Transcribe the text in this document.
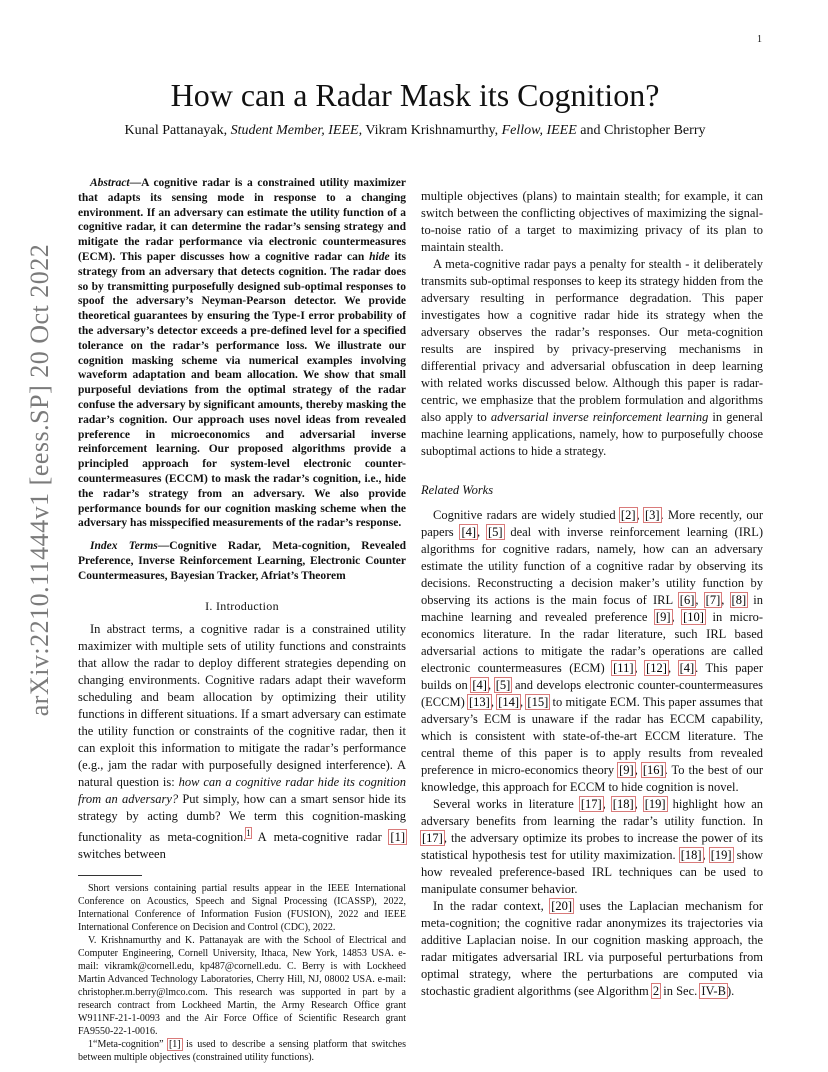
1
arXiv:2210.11444v1 [eess.SP] 20 Oct 2022
How can a Radar Mask its Cognition?
Kunal Pattanayak, Student Member, IEEE, Vikram Krishnamurthy, Fellow, IEEE and Christopher Berry

Abstract—A cognitive radar is a constrained utility maximizer that adapts its sensing mode in response to a changing environment. If an adversary can estimate the utility function of a cognitive radar, it can determine the radar’s sensing strategy and mitigate the radar performance via electronic countermeasures (ECM). This paper discusses how a cognitive radar can hide its strategy from an adversary that detects cognition. The radar does so by transmitting purposefully designed sub-optimal responses to spoof the adversary’s Neyman-Pearson detector. We provide theoretical guarantees by ensuring the Type-I error probability of the adversary’s detector exceeds a pre-defined level for a specified tolerance on the radar’s performance loss. We illustrate our cognition masking scheme via numerical examples involving waveform adaptation and beam allocation. We show that small purposeful deviations from the optimal strategy of the radar confuse the adversary by significant amounts, thereby masking the radar’s cognition. Our approach uses novel ideas from revealed preference in microeconomics and adversarial inverse reinforcement learning. Our proposed algorithms provide a principled approach for system-level electronic counter-countermeasures (ECCM) to mask the radar’s cognition, i.e., hide the radar’s strategy from an adversary. We also provide performance bounds for our cognition masking scheme when the adversary has misspecified measurements of the radar’s response.

Index Terms—Cognitive Radar, Meta-cognition, Revealed Preference, Inverse Reinforcement Learning, Electronic Counter Countermeasures, Bayesian Tracker, Afriat’s Theorem

I. Introduction

In abstract terms, a cognitive radar is a constrained utility maximizer with multiple sets of utility functions and constraints that allow the radar to deploy different strategies depending on changing environments. Cognitive radars adapt their waveform scheduling and beam allocation by optimizing their utility functions in different situations. If a smart adversary can estimate the utility function or constraints of the cognitive radar, then it can exploit this information to mitigate the radar’s performance (e.g., jam the radar with purposefully designed interference). A natural question is: how can a cognitive radar hide its cognition from an adversary? Put simply, how can a smart sensor hide its strategy by acting dumb? We term this cognition-masking functionality as meta-cognition.$^1$ A meta-cognitive radar [1] switches between

Short versions containing partial results appear in the IEEE International Conference on Acoustics, Speech and Signal Processing (ICASSP), 2022, International Conference of Information Fusion (FUSION), 2022 and IEEE International Conference on Decision and Control (CDC), 2022.

V. Krishnamurthy and K. Pattanayak are with the School of Electrical and Computer Engineering, Cornell University, Ithaca, New York, 14853 USA. e-mail: vikramk@cornell.edu, kp487@cornell.edu. C. Berry is with Lockheed Martin Advanced Technology Laboratories, Cherry Hill, NJ, 08002 USA. e-mail: christopher.m.berry@lmco.com. This research was supported in part by a research contract from Lockheed Martin, the Army Research Office grant W911NF-21-1-0093 and the Air Force Office of Scientific Research grant FA9550-22-1-0016.

1“Meta-cognition” [1] is used to describe a sensing platform that switches between multiple objectives (constrained utility functions).

multiple objectives (plans) to maintain stealth; for example, it can switch between the conflicting objectives of maximizing the signal-to-noise ratio of a target to maximizing privacy of its plan to maintain stealth.

A meta-cognitive radar pays a penalty for stealth - it deliberately transmits sub-optimal responses to keep its strategy hidden from the adversary resulting in performance degradation. This paper investigates how a cognitive radar hide its strategy when the adversary observes the radar’s responses. Our meta-cognition results are inspired by privacy-preserving mechanisms in differential privacy and adversarial obfuscation in deep learning with related works discussed below. Although this paper is radar-centric, we emphasize that the problem formulation and algorithms also apply to adversarial inverse reinforcement learning in general machine learning applications, namely, how to purposefully choose suboptimal actions to hide a strategy.

Related Works

Cognitive radars are widely studied [2], [3]. More recently, our papers [4], [5] deal with inverse reinforcement learning (IRL) algorithms for cognitive radars, namely, how can an adversary estimate the utility function of a cognitive radar by observing its decisions. Reconstructing a decision maker’s utility function by observing its actions is the main focus of IRL [6], [7], [8] in machine learning and revealed preference [9], [10] in micro-economics literature. In the radar literature, such IRL based adversarial actions to mitigate the radar’s operations are called electronic countermeasures (ECM) [11], [12], [4]. This paper builds on [4], [5] and develops electronic counter-countermeasures (ECCM) [13], [14], [15] to mitigate ECM. This paper assumes that adversary’s ECM is unaware if the radar has ECCM capability, which is consistent with state-of-the-art ECCM literature. The central theme of this paper is to apply results from revealed preference in micro-economics theory [9], [16]. To the best of our knowledge, this approach for ECCM to hide cognition is novel.

Several works in literature [17], [18], [19] highlight how an adversary benefits from learning the radar’s utility function. In [17], the adversary optimize its probes to increase the power of its statistical hypothesis test for utility maximization. [18], [19] show how revealed preference-based IRL techniques can be used to manipulate consumer behavior.

In the radar context, [20] uses the Laplacian mechanism for meta-cognition; the cognitive radar anonymizes its trajectories via additive Laplacian noise. In our cognition masking approach, the radar mitigates adversarial IRL via purposeful perturbations from optimal strategy, where the perturbations are computed via stochastic gradient algorithms (see Algorithm 2 in Sec. IV-B).
